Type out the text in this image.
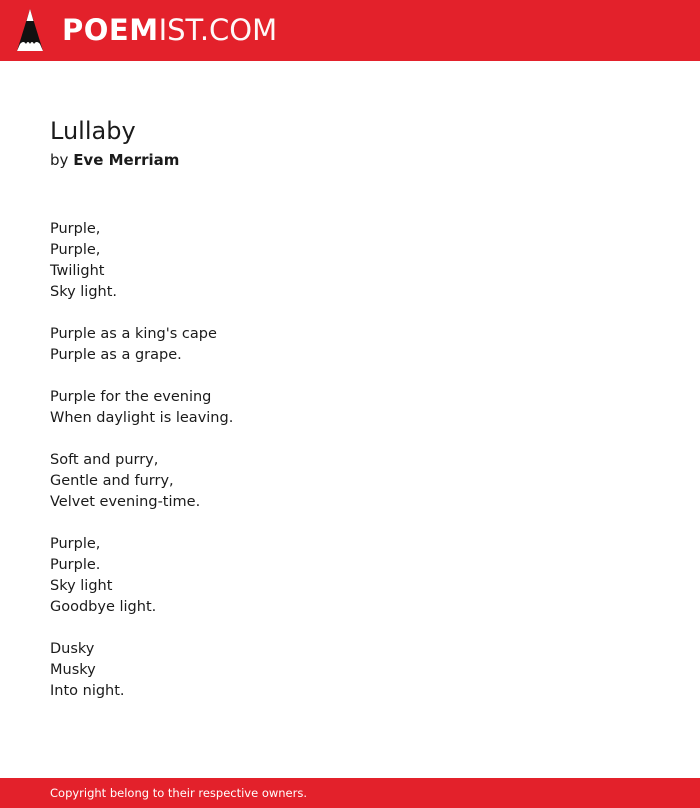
POEMIST.COM
Lullaby
by Eve Merriam
Purple,
Purple,
Twilight
Sky light.
Purple as a king's cape
Purple as a grape.
Purple for the evening
When daylight is leaving.
Soft and purry,
Gentle and furry,
Velvet evening-time.
Purple,
Purple.
Sky light
Goodbye light.
Dusky
Musky
Into night.
Copyright belong to their respective owners.
